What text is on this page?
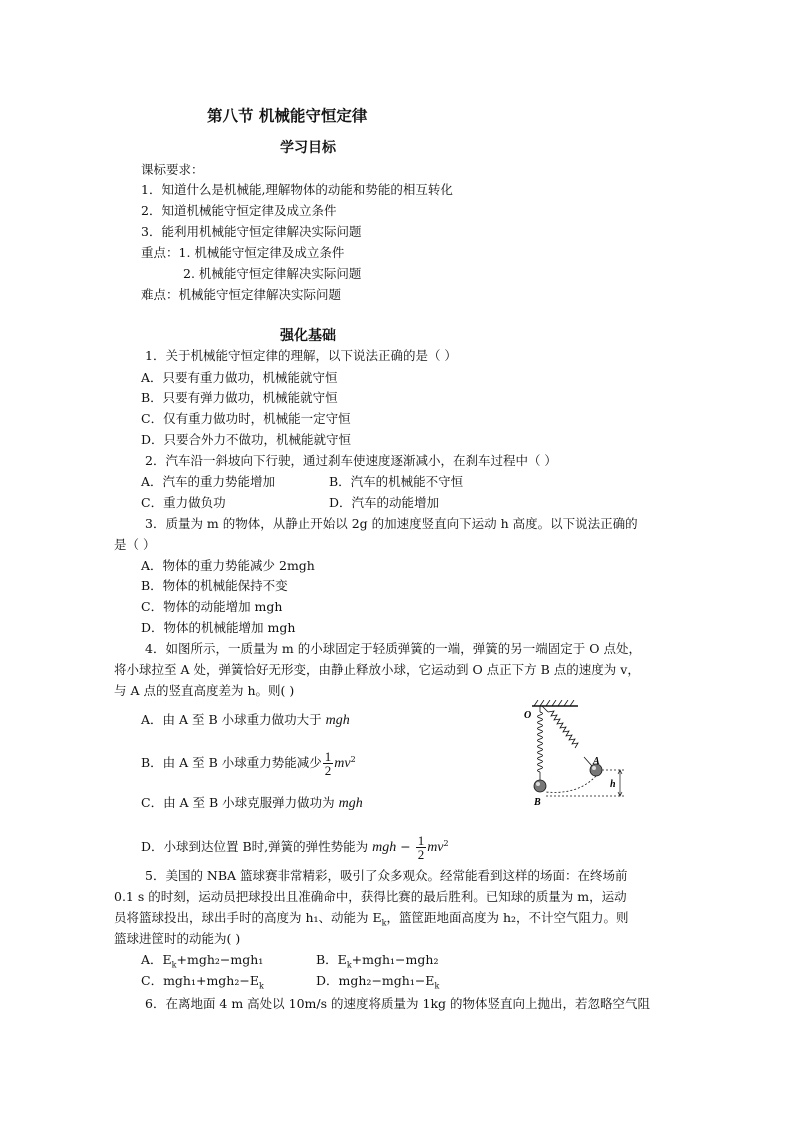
第八节 机械能守恒定律
学习目标
课标要求：
1．知道什么是机械能,理解物体的动能和势能的相互转化
2．知道机械能守恒定律及成立条件
3．能利用机械能守恒定律解决实际问题
重点：1. 机械能守恒定律及成立条件
2. 机械能守恒定律解决实际问题
难点：机械能守恒定律解决实际问题
强化基础
1．关于机械能守恒定律的理解，以下说法正确的是（ ）
A．只要有重力做功，机械能就守恒
B．只要有弹力做功，机械能就守恒
C．仅有重力做功时，机械能一定守恒
D．只要合外力不做功，机械能就守恒
2．汽车沿一斜坡向下行驶，通过刹车使速度逐渐减小，在刹车过程中（ ）
A．汽车的重力势能增加	B．汽车的机械能不守恒
C．重力做负功	D．汽车的动能增加
3．质量为 m 的物体，从静止开始以 2g 的加速度竖直向下运动 h 高度。以下说法正确的
是（ ）
A．物体的重力势能减少 2mgh
B．物体的机械能保持不变
C．物体的动能增加 mgh
D．物体的机械能增加 mgh
4．如图所示，一质量为 m 的小球固定于轻质弹簧的一端，弹簧的另一端固定于 O 点处，
将小球拉至 A 处，弹簧恰好无形变，由静止释放小球，它运动到 O 点正下方 B 点的速度为 v，
与 A 点的竖直高度差为 h。则( )
A．由 A 至 B 小球重力做功大于 mgh
B．由 A 至 B 小球重力势能减少 $\frac{1}{2} mv^2$
C．由 A 至 B 小球克服弹力做功为 mgh
D．小球到达位置 B时,弹簧的弹性势能为 mgh − $\frac{1}{2} mv^2$
O
A
B
h
5．美国的 NBA 篮球赛非常精彩，吸引了众多观众。经常能看到这样的场面：在终场前
0.1 s 的时刻，运动员把球投出且准确命中，获得比赛的最后胜利。已知球的质量为 m，运动
员将篮球投出，球出手时的高度为 h₁、动能为 $E_k$，篮筐距地面高度为 h₂，不计空气阻力。则
篮球进筐时的动能为( )
A．$E_k+mgh_2-mgh_1$	B．$E_k+mgh_1-mgh_2$
C．$mgh_1+mgh_2-E_k$	D．$mgh_2-mgh_1-E_k$
6．在离地面 4 m 高处以 10m/s 的速度将质量为 1kg 的物体竖直向上抛出，若忽略空气阻
